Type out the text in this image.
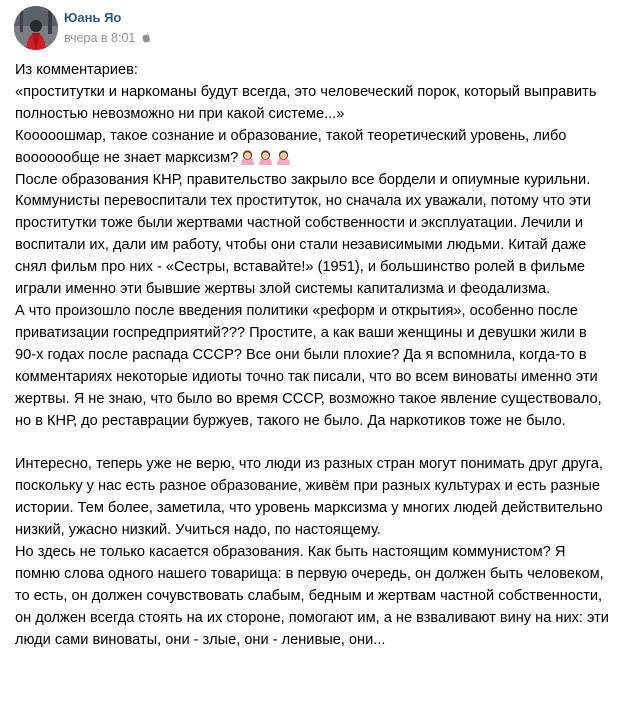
Юань Яо
вчера в 8:01

Из комментариев:

«проститутки и наркоманы будут всегда, это человеческий порок, который выправить полностью невозможно ни при какой системе...»

Кооооошмар, такое сознание и образование, такой теоретический уровень, либо воооооoбще не знает марксизм?

После образования КНР, правительство закрыло все бордели и опиумные курильни. Коммунисты перевоспитали тех проституток, но сначала их уважали, потому что эти проститутки тоже были жертвами частной собственности и эксплуатации. Лечили и воспитали их, дали им работу, чтобы они стали независимыми людьми. Китай даже снял фильм про них - «Сестры, вставайте!» (1951), и большинство ролей в фильме играли именно эти бывшие жертвы злой системы капитализма и феодализма.

А что произошло после введения политики «реформ и открытия», особенно после приватизации госпредприятий??? Простите, а как ваши женщины и девушки жили в 90-х годах после распада СССР? Все они были плохие? Да я вспомнила, когда-то в комментариях некоторые идиоты точно так писали, что во всем виноваты именно эти жертвы. Я не знаю, что было во время СССР, возможно такое явление существовало, но в КНР, до реставрации буржуев, такого не было. Да наркотиков тоже не было.

Интересно, теперь уже не верю, что люди из разных стран могут понимать друг друга, поскольку у нас есть разное образование, живём при разных культурах и есть разные истории. Тем более, заметила, что уровень марксизма у многих людей действительно низкий, ужасно низкий. Учиться надо, по настоящему.

Но здесь не только касается образования. Как быть настоящим коммунистом? Я помню слова одного нашего товарища: в первую очередь, он должен быть человеком, то есть, он должен сочувствовать слабым, бедным и жертвам частной собственности, он должен всегда стоять на их стороне, помогают им, а не взваливают вину на них: эти люди сами виноваты, они - злые, они - ленивые, они...
